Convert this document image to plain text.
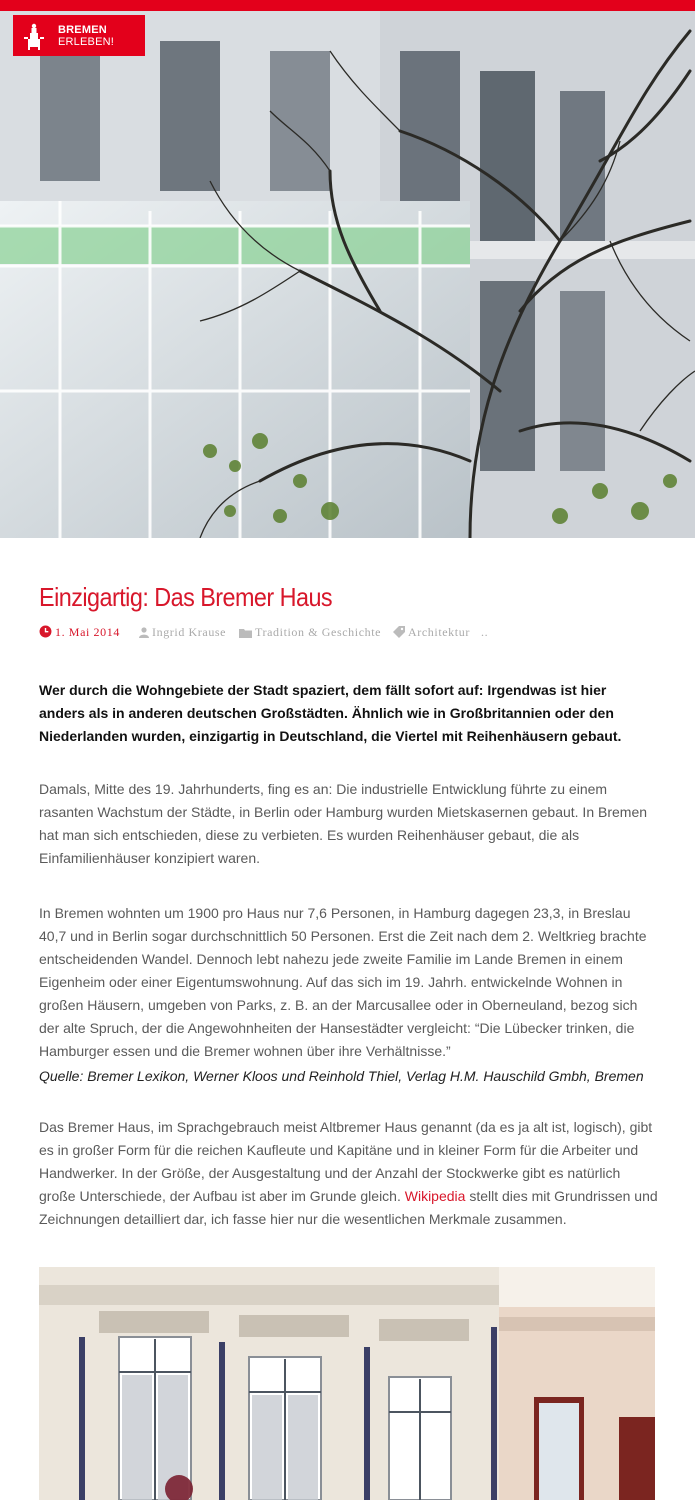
BREMEN
ERLEBEN!
Einzigartig: Das Bremer Haus
1. Mai 2014	Ingrid Krause	Tradition & Geschichte	Architektur ..

Wer durch die Wohngebiete der Stadt spaziert, dem fällt sofort auf: Irgendwas ist hier anders als in anderen deutschen Großstädten. Ähnlich wie in Großbritannien oder den Niederlanden wurden, einzigartig in Deutschland, die Viertel mit Reihenhäusern gebaut.

Damals, Mitte des 19. Jahrhunderts, fing es an: Die industrielle Entwicklung führte zu einem rasanten Wachstum der Städte, in Berlin oder Hamburg wurden Mietskasernen gebaut. In Bremen hat man sich entschieden, diese zu verbieten. Es wurden Reihenhäuser gebaut, die als Einfamilienhäuser konzipiert waren.

In Bremen wohnten um 1900 pro Haus nur 7,6 Personen, in Hamburg dagegen 23,3, in Breslau 40,7 und in Berlin sogar durchschnittlich 50 Personen. Erst die Zeit nach dem 2. Weltkrieg brachte entscheidenden Wandel. Dennoch lebt nahezu jede zweite Familie im Lande Bremen in einem Eigenheim oder einer Eigentumswohnung. Auf das sich im 19. Jahrh. entwickelnde Wohnen in großen Häusern, umgeben von Parks, z. B. an der Marcusallee oder in Oberneuland, bezog sich der alte Spruch, der die Angewohnheiten der Hansestädter vergleicht: “Die Lübecker trinken, die Hamburger essen und die Bremer wohnen über ihre Verhältnisse.”

Quelle: Bremer Lexikon, Werner Kloos und Reinhold Thiel, Verlag H.M. Hauschild Gmbh, Bremen

Das Bremer Haus, im Sprachgebrauch meist Altbremer Haus genannt (da es ja alt ist, logisch), gibt es in großer Form für die reichen Kaufleute und Kapitäne und in kleiner Form für die Arbeiter und Handwerker. In der Größe, der Ausgestaltung und der Anzahl der Stockwerke gibt es natürlich große Unterschiede, der Aufbau ist aber im Grunde gleich. Wikipedia stellt dies mit Grundrissen und Zeichnungen detailliert dar, ich fasse hier nur die wesentlichen Merkmale zusammen.
